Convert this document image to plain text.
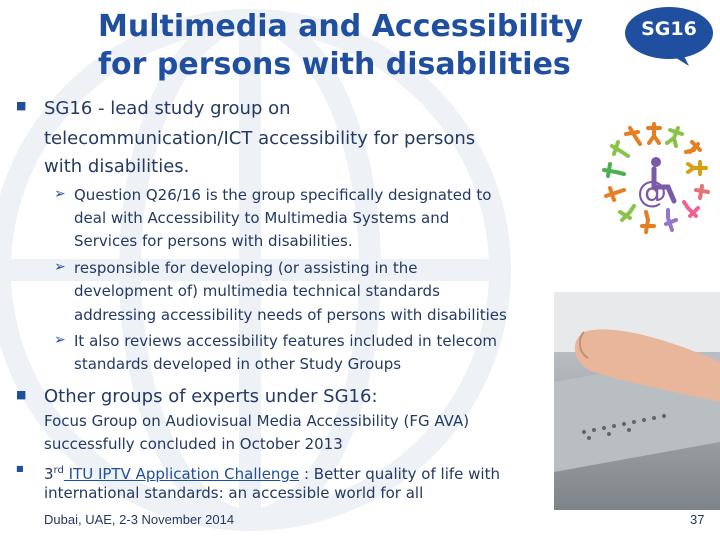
Multimedia and Accessibility
for persons with disabilities
SG16
■ SG16 - lead study group on
telecommunication/ICT accessibility for persons
with disabilities.
➢ Question Q26/16 is the group specifically designated to
deal with Accessibility to Multimedia Systems and
Services for persons with disabilities.
➢ responsible for developing (or assisting in the
development of) multimedia technical standards
addressing accessibility needs of persons with disabilities
➢ It also reviews accessibility features included in telecom
standards developed in other Study Groups
■ Other groups of experts under SG16:
Focus Group on Audiovisual Media Accessibility (FG AVA)
successfully concluded in October 2013
■ 3rd ITU IPTV Application Challenge : Better quality of life with
international standards: an accessible world for all
@
Dubai, UAE, 2-3 November 2014	37
